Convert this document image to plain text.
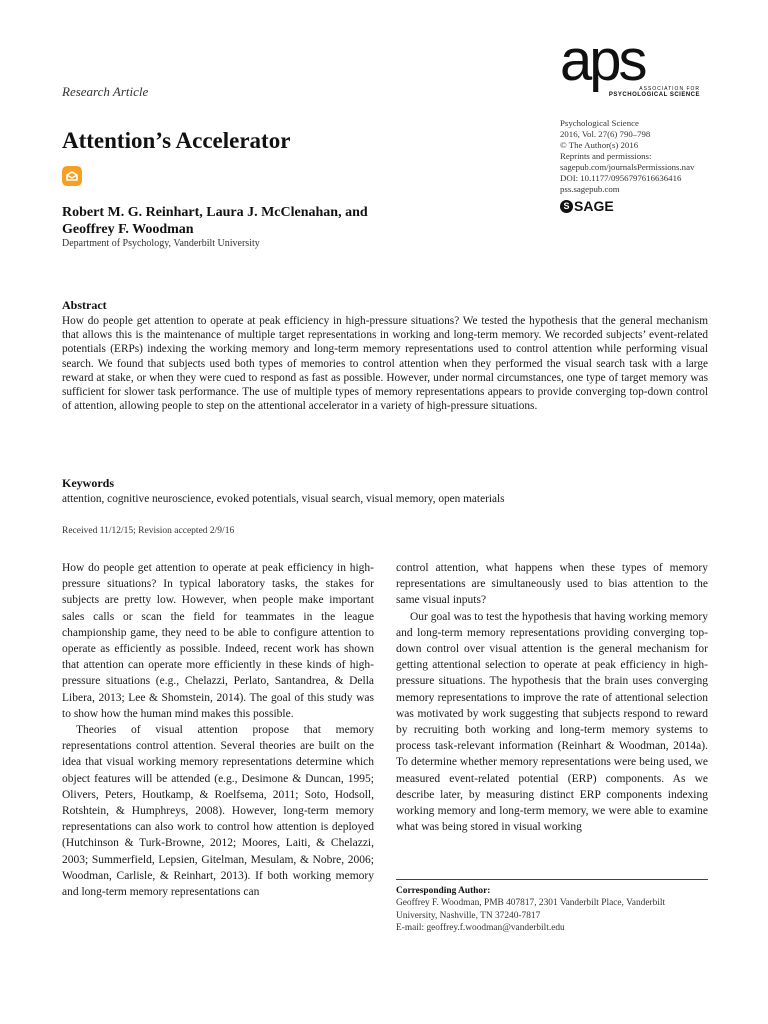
Research Article	aps
ASSOCIATION FOR
PSYCHOLOGICAL SCIENCE
Psychological Science
2016, Vol. 27(6) 790–798
© The Author(s) 2016
Reprints and permissions:
sagepub.com/journalsPermissions.nav
DOI: 10.1177/0956797616636416
pss.sagepub.com
S SAGE
Attention’s Accelerator
Robert M. G. Reinhart, Laura J. McClenahan, and
Geoffrey F. Woodman
Department of Psychology, Vanderbilt University
Abstract

How do people get attention to operate at peak efficiency in high-pressure situations? We tested the hypothesis that the general mechanism that allows this is the maintenance of multiple target representations in working and long-term memory. We recorded subjects’ event-related potentials (ERPs) indexing the working memory and long-term memory representations used to control attention while performing visual search. We found that subjects used both types of memories to control attention when they performed the visual search task with a large reward at stake, or when they were cued to respond as fast as possible. However, under normal circumstances, one type of target memory was sufficient for slower task performance. The use of multiple types of memory representations appears to provide converging top-down control of attention, allowing people to step on the attentional accelerator in a variety of high-pressure situations.

Keywords

attention, cognitive neuroscience, evoked potentials, visual search, visual memory, open materials

Received 11/12/15; Revision accepted 2/9/16

How do people get attention to operate at peak efficiency in high-pressure situations? In typical laboratory tasks, the stakes for subjects are pretty low. However, when people make important sales calls or scan the field for teammates in the league championship game, they need to be able to configure attention to operate as efficiently as possible. Indeed, recent work has shown that attention can operate more efficiently in these kinds of high-pressure situations (e.g., Chelazzi, Perlato, Santandrea, & Della Libera, 2013; Lee & Shomstein, 2014). The goal of this study was to show how the human mind makes this possible.

Theories of visual attention propose that memory representations control attention. Several theories are built on the idea that visual working memory representations determine which object features will be attended (e.g., Desimone & Duncan, 1995; Olivers, Peters, Houtkamp, & Roelfsema, 2011; Soto, Hodsoll, Rotshtein, & Humphreys, 2008). However, long-term memory representations can also work to control how attention is deployed (Hutchinson & Turk-Browne, 2012; Moores, Laiti, & Chelazzi, 2003; Summerfield, Lepsien, Gitelman, Mesulam, & Nobre, 2006; Woodman, Carlisle, & Reinhart, 2013). If both working memory and long-term memory representations can

control attention, what happens when these types of memory representations are simultaneously used to bias attention to the same visual inputs?

Our goal was to test the hypothesis that having working memory and long-term memory representations providing converging top-down control over visual attention is the general mechanism for getting attentional selection to operate at peak efficiency in high-pressure situations. The hypothesis that the brain uses converging memory representations to improve the rate of attentional selection was motivated by work suggesting that subjects respond to reward by recruiting both working and long-term memory systems to process task-relevant information (Reinhart & Woodman, 2014a). To determine whether memory representations were being used, we measured event-related potential (ERP) components. As we describe later, by measuring distinct ERP components indexing working memory and long-term memory, we were able to examine what was being stored in visual working

Corresponding Author:
Geoffrey F. Woodman, PMB 407817, 2301 Vanderbilt Place, Vanderbilt University, Nashville, TN 37240-7817
E-mail: geoffrey.f.woodman@vanderbilt.edu
